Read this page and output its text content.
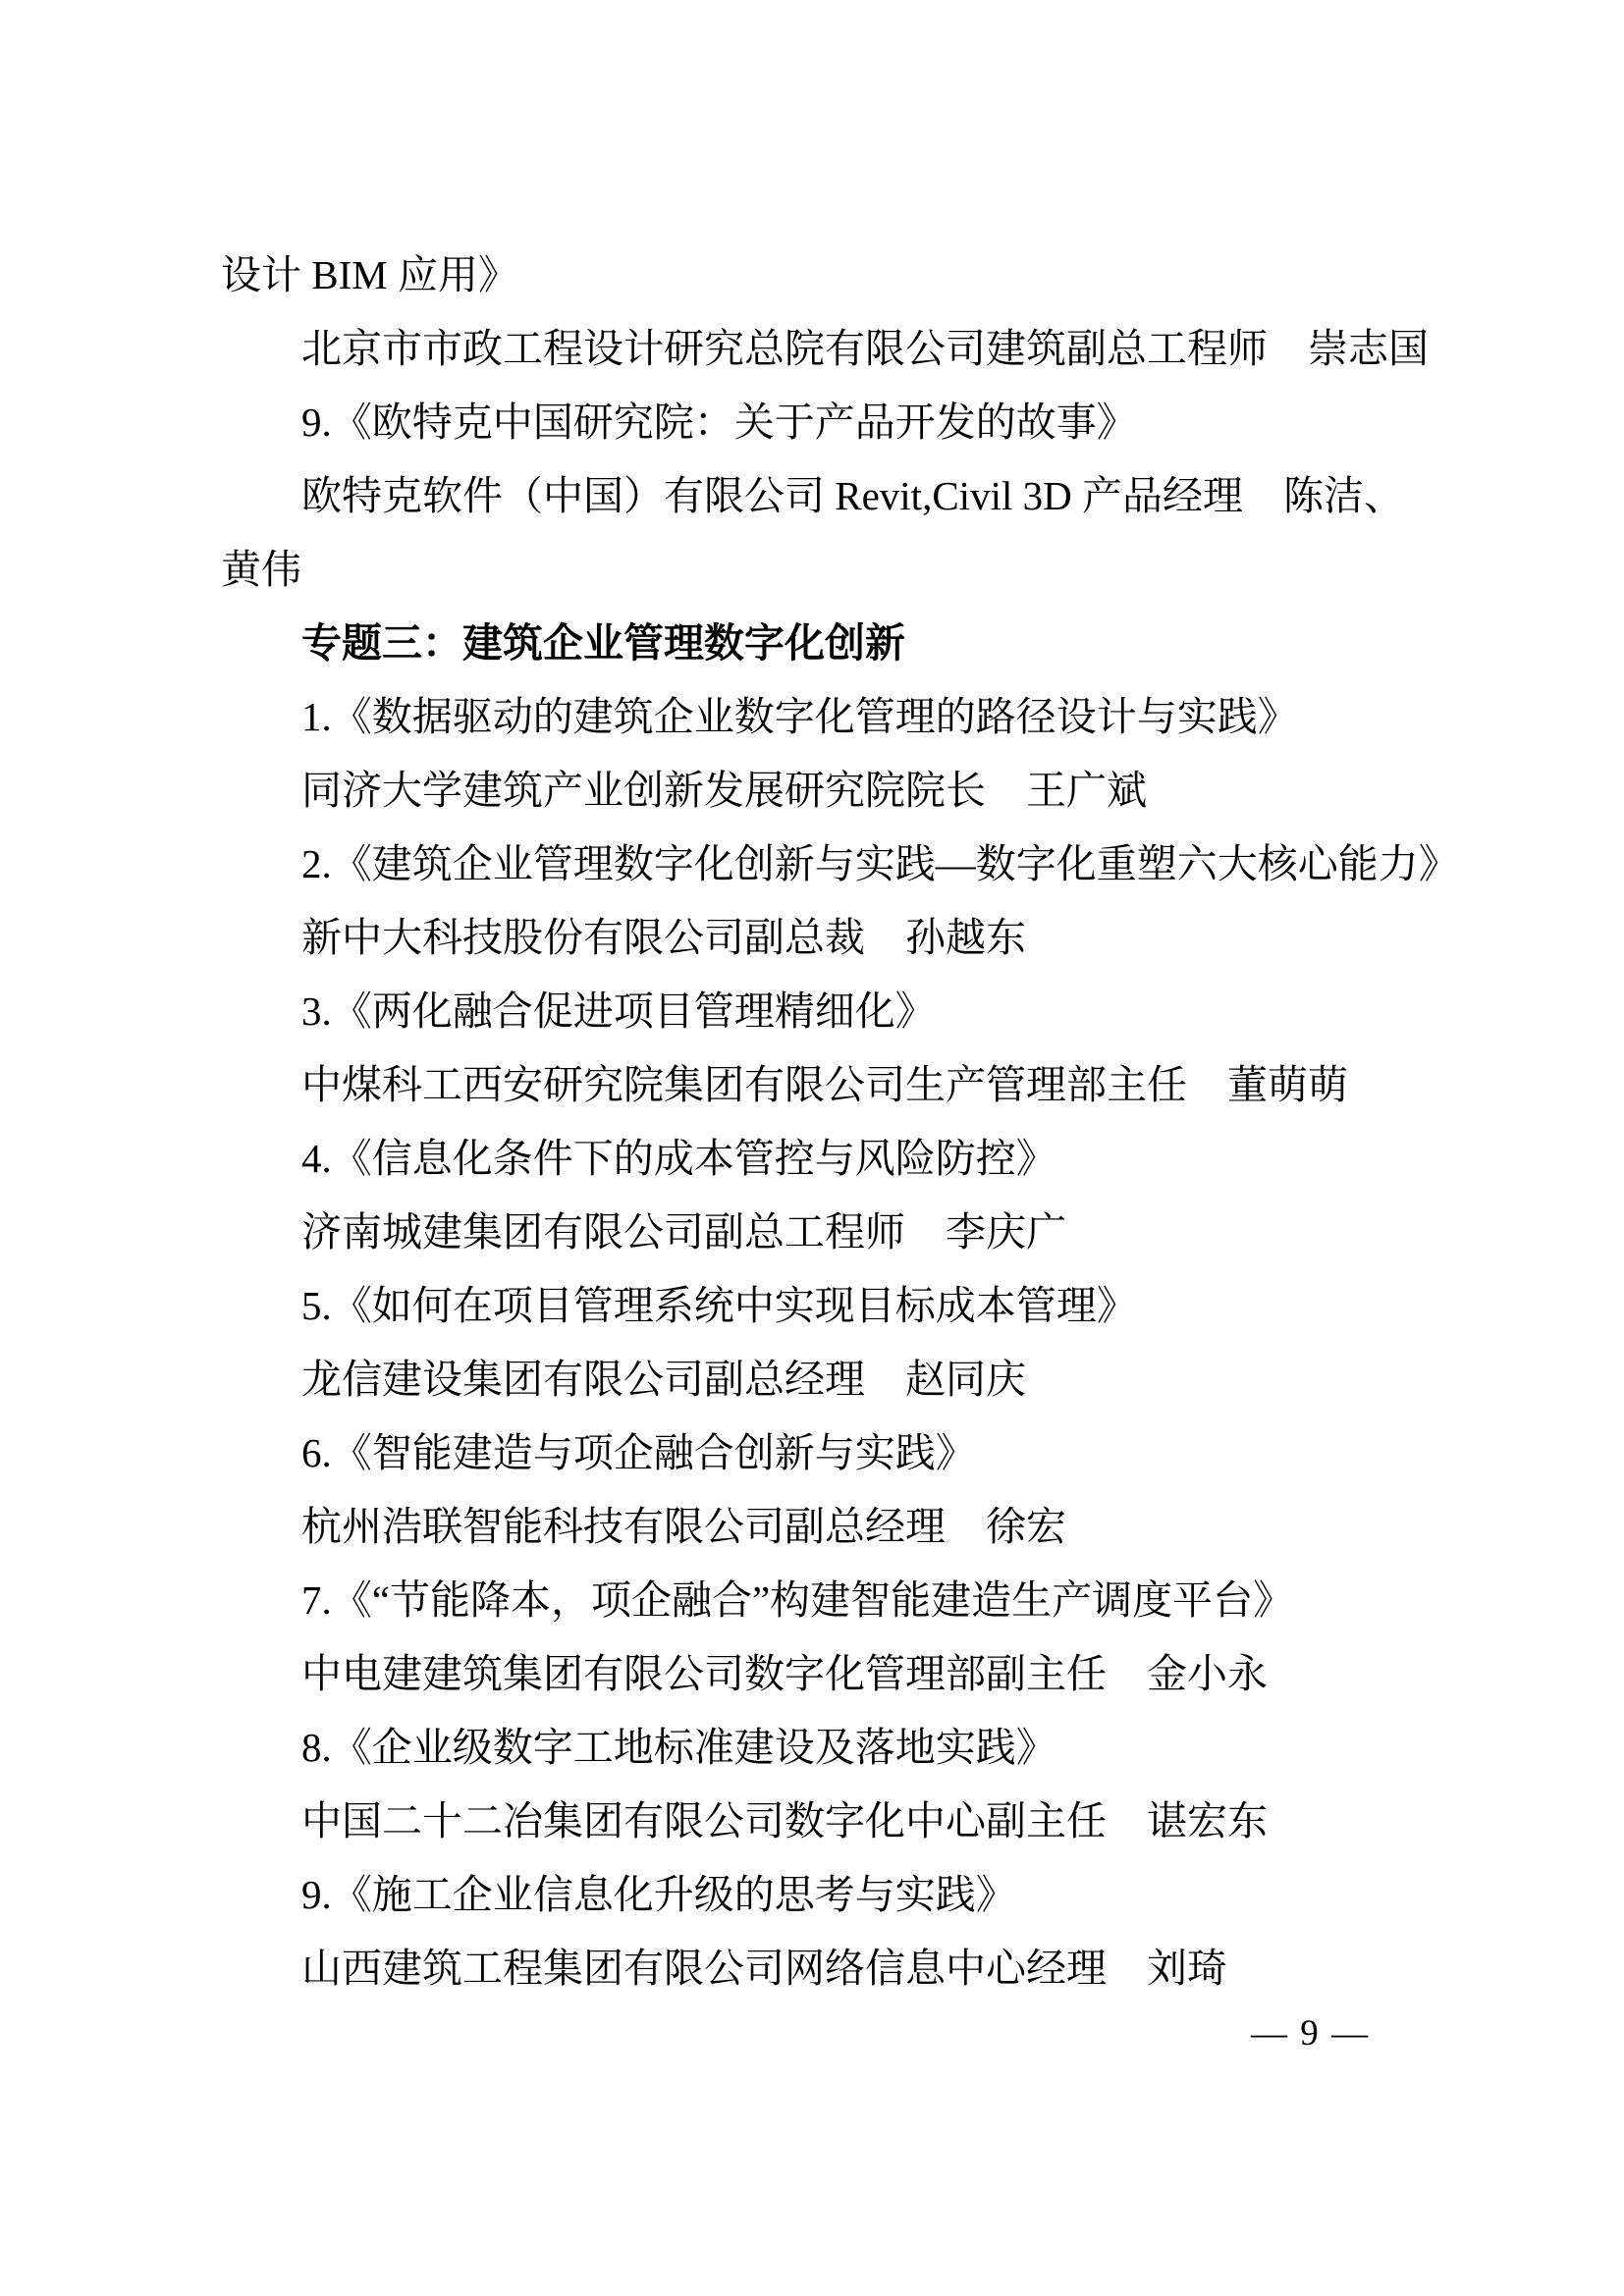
设计 BIM 应用》
北京市市政工程设计研究总院有限公司建筑副总工程师　崇志国
9.《欧特克中国研究院：关于产品开发的故事》
欧特克软件（中国）有限公司 Revit,Civil 3D 产品经理　陈洁、
黄伟
专题三：建筑企业管理数字化创新
1.《数据驱动的建筑企业数字化管理的路径设计与实践》
同济大学建筑产业创新发展研究院院长　王广斌
2.《建筑企业管理数字化创新与实践—数字化重塑六大核心能力》
新中大科技股份有限公司副总裁　孙越东
3.《两化融合促进项目管理精细化》
中煤科工西安研究院集团有限公司生产管理部主任　董萌萌
4.《信息化条件下的成本管控与风险防控》
济南城建集团有限公司副总工程师　李庆广
5.《如何在项目管理系统中实现目标成本管理》
龙信建设集团有限公司副总经理　赵同庆
6.《智能建造与项企融合创新与实践》
杭州浩联智能科技有限公司副总经理　徐宏
7.《“节能降本，项企融合”构建智能建造生产调度平台》
中电建建筑集团有限公司数字化管理部副主任　金小永
8.《企业级数字工地标准建设及落地实践》
中国二十二冶集团有限公司数字化中心副主任　谌宏东
9.《施工企业信息化升级的思考与实践》
山西建筑工程集团有限公司网络信息中心经理　刘琦
— 9 —
